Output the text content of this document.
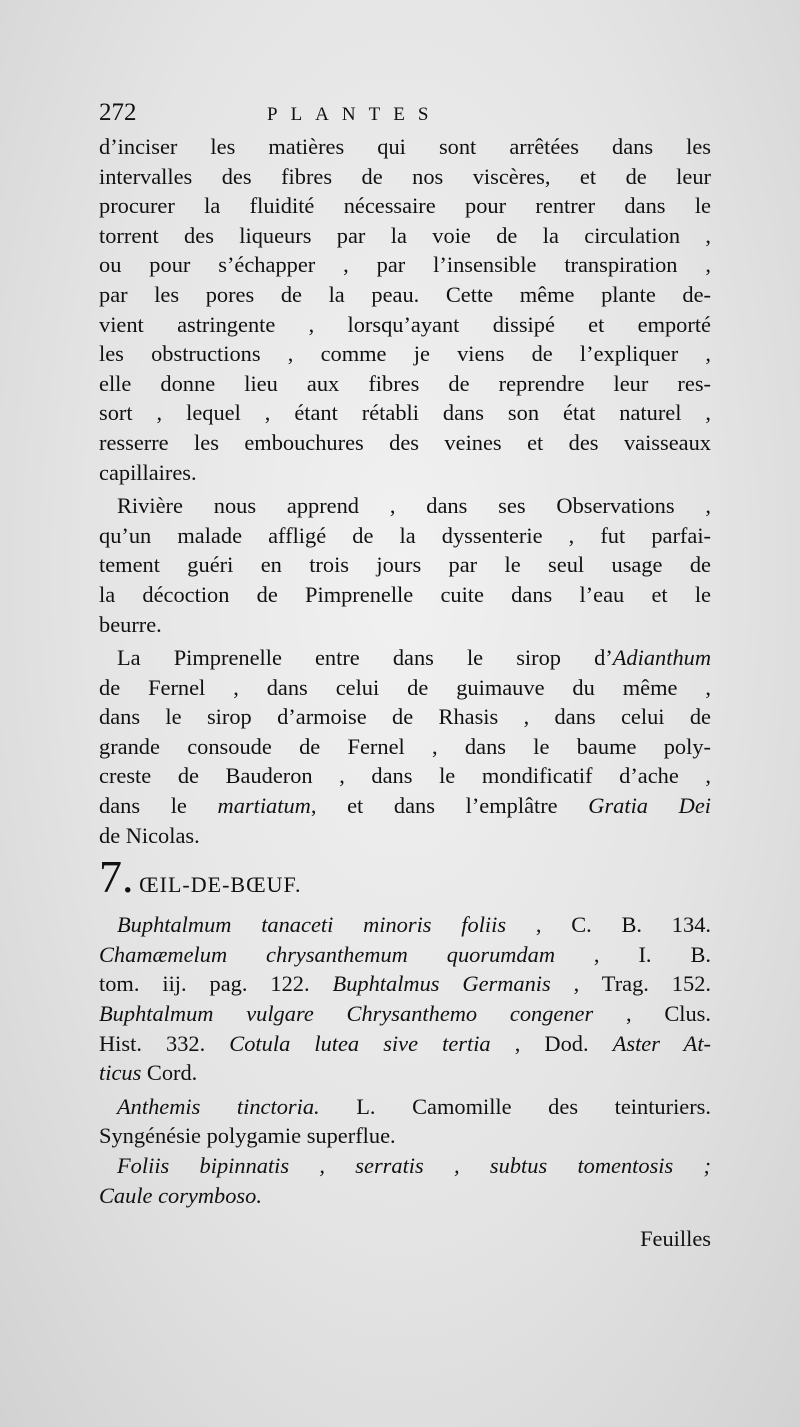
272	PLANTES
d’inciser les matières qui sont arrêtées dans les
intervalles des fibres de nos viscères, et de leur
procurer la fluidité nécessaire pour rentrer dans le
torrent des liqueurs par la voie de la circulation ,
ou pour s’échapper , par l’insensible transpiration ,
par les pores de la peau. Cette même plante de-
vient astringente , lorsqu’ayant dissipé et emporté
les obstructions , comme je viens de l’expliquer ,
elle donne lieu aux fibres de reprendre leur res-
sort , lequel , étant rétabli dans son état naturel ,
resserre les embouchures des veines et des vaisseaux
capillaires.
Rivière nous apprend , dans ses Observations ,
qu’un malade affligé de la dyssenterie , fut parfai-
tement guéri en trois jours par le seul usage de
la décoction de Pimprenelle cuite dans l’eau et le
beurre.
La Pimprenelle entre dans le sirop d’Adianthum
de Fernel , dans celui de guimauve du même ,
dans le sirop d’armoise de Rhasis , dans celui de
grande consoude de Fernel , dans le baume poly-
creste de Bauderon , dans le mondificatif d’ache ,
dans le martiatum, et dans l’emplâtre Gratia Dei
de Nicolas.
7. ŒIL-DE-BŒUF.
Buphtalmum tanaceti minoris foliis , C. B. 134.
Chamæmelum chrysanthemum quorumdam , I. B.
tom. iij. pag. 122. Buphtalmus Germanis , Trag. 152.
Buphtalmum vulgare Chrysanthemo congener , Clus.
Hist. 332. Cotula lutea sive tertia , Dod. Aster At-
ticus Cord.
Anthemis tinctoria. L. Camomille des teinturiers.
Syngénésie polygamie superflue.
Foliis bipinnatis , serratis , subtus tomentosis ;
Caule corymboso.
Feuilles
